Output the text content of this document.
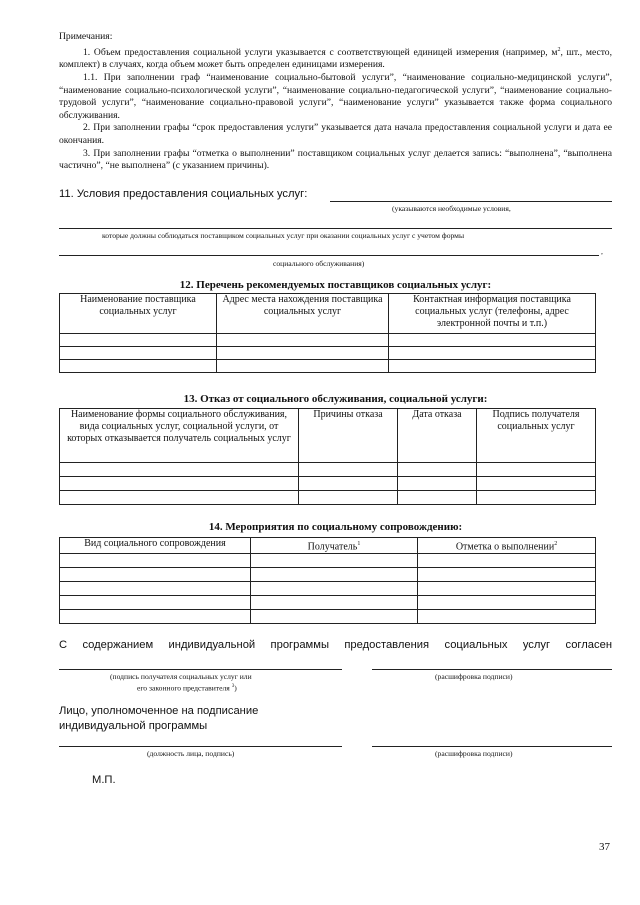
Примечания:

1. Объем предоставления социальной услуги указывается с соответствующей единицей измерения (например, $м^2$, шт., место, комплект) в случаях, когда объем может быть определен единицами измерения.

1.1. При заполнении граф “наименование социально-бытовой услуги”, “наименование социально-медицинской услуги”, “наименование социально-психологической услуги”, “наименование социально-педагогической услуги”, “наименование социально-трудовой услуги”, “наименование социально-правовой услуги”, “наименование услуги” указывается также форма социального обслуживания.

2. При заполнении графы “срок предоставления услуги” указывается дата начала предоставления социальной услуги и дата ее окончания.

3. При заполнении графы “отметка о выполнении” поставщиком социальных услуг делается запись: “выполнена”, “выполнена частично”, “не выполнена” (с указанием причины).

11. Условия предоставления социальных услуг:
(указываются необходимые условия,
которые должны соблюдаться поставщиком социальных услуг при оказании социальных услуг с учетом формы
,
социального обслуживания)
12. Перечень рекомендуемых поставщиков социальных услуг:
Наименование поставщика социальных услуг	Адрес места нахождения поставщика социальных услуг	Контактная информация поставщика социальных услуг (телефоны, адрес электронной почты и т.п.)

13. Отказ от социального обслуживания, социальной услуги:
Наименование формы социального обслуживания, вида социальных услуг, социальной услуги, от которых отказывается получатель социальных услуг	Причины отказа	Дата отказа	Подпись получателя социальных услуг

14. Мероприятия по социальному сопровождению:
Вид социального сопровождения	Получатель$^1$	Отметка о выполнении$^2$

С содержанием индивидуальной программы предоставления социальных услуг согласен
(подпись получателя социальных услуг или
его законного представителя $^3$)
(расшифровка подписи)
Лицо, уполномоченное на подписание
индивидуальной программы
(должность лица, подпись)	(расшифровка подписи)
М.П.
37
